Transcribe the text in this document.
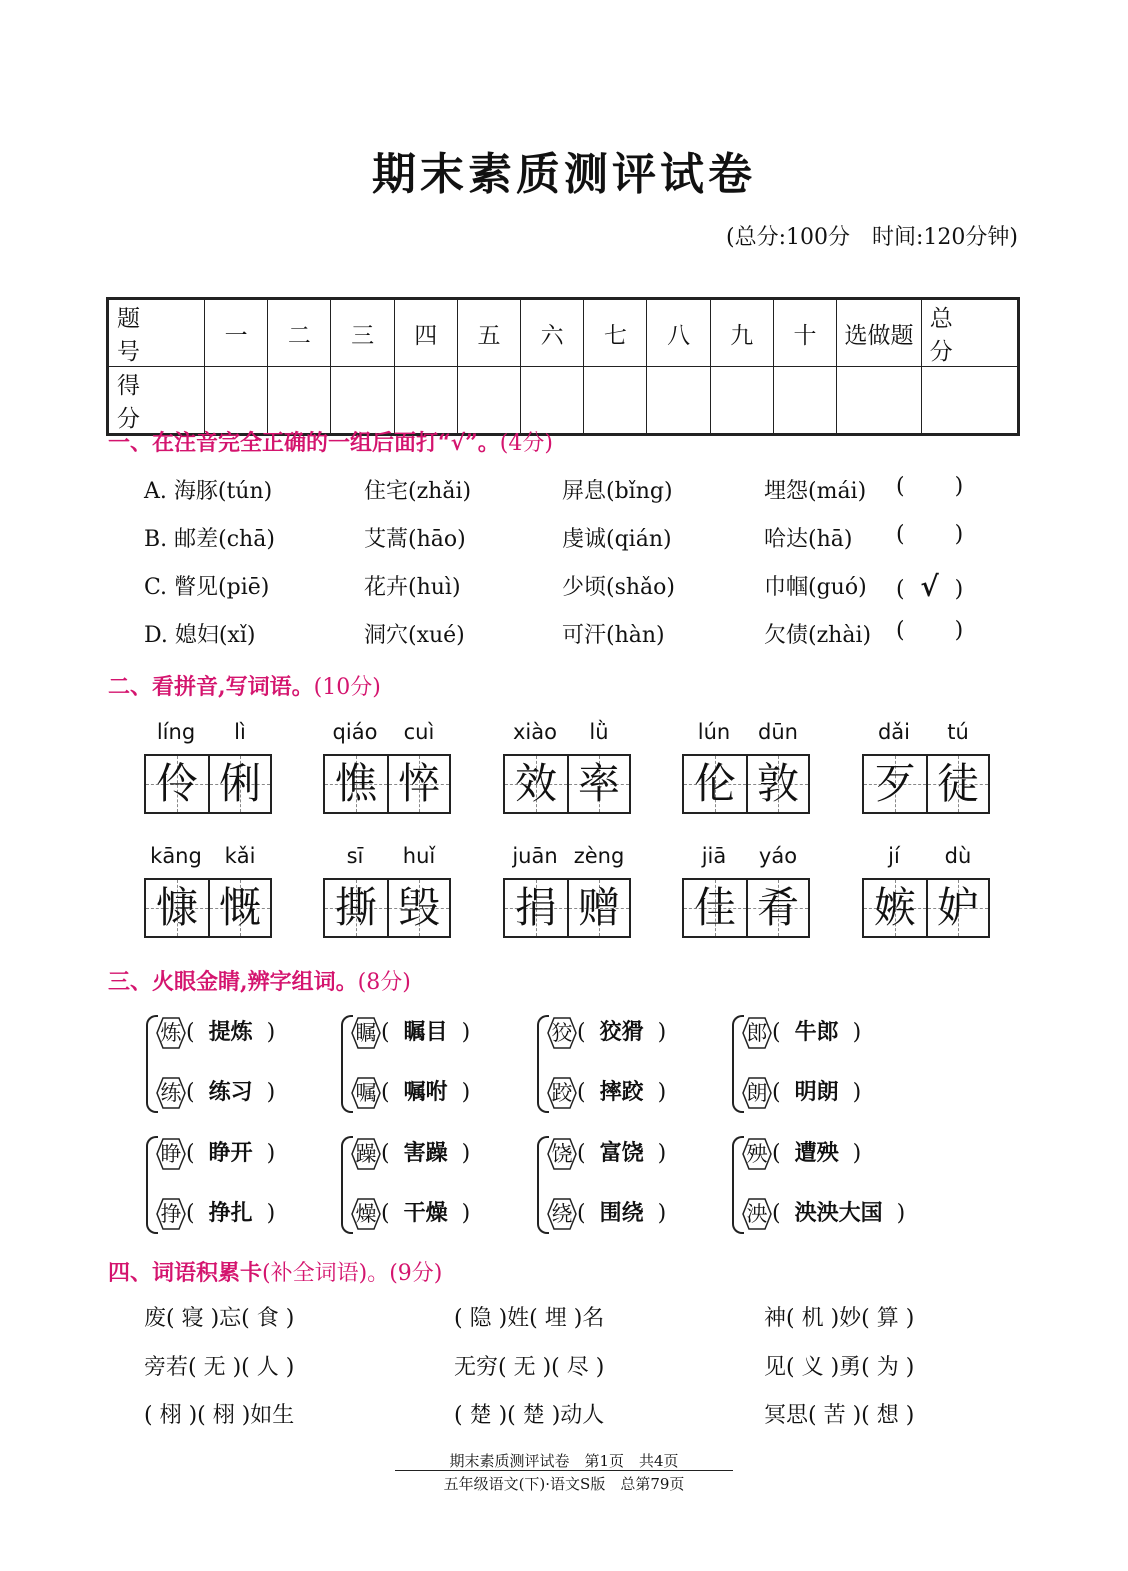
期末素质测评试卷
(总分:100分　时间:120分钟)
题　号	一	二	三	四	五	六	七	八	九	十	选做题	总　分
得　分												
一、在注音完全正确的一组后面打“√”。(4分)
A. 海豚(tún)	住宅(zhǎi)	屏息(bǐng)	埋怨(mái) ( )
B. 邮差(chā)	艾蒿(hāo)	虔诚(qián)	哈达(hā) ( )
C. 瞥见(piē)	花卉(huì)	少顷(shǎo)	巾帼(guó) ( √ )
D. 媳妇(xǐ)	洞穴(xué)	可汗(hàn)	欠债(zhài) ( )
二、看拼音,写词语。(10分)
líng	lì
伶 俐
qiáo	cuì
憔 悴
xiào	lǜ
效 率
lún	dūn
伦 敦
dǎi	tú
歹 徒
kāng	kǎi
慷 慨
sī	huǐ
撕 毁
juān zèng
捐 赠
jiā	yáo
佳 肴
jí	dù
嫉 妒
三、火眼金睛,辨字组词。(8分)
炼 ( 提炼 )
练 ( 练习 )
瞩 ( 瞩目 )
嘱 ( 嘱咐 )
狡 ( 狡猾 )
跤 ( 摔跤 )
郎 ( 牛郎 )
朗 ( 明朗 )
睁 ( 睁开 )
挣 ( 挣扎 )
躁 ( 害躁 )
燥 ( 干燥 )
饶 ( 富饶 )
绕 ( 围绕 )
殃 ( 遭殃 )
泱 ( 泱泱大国 )
四、词语积累卡(补全词语)。(9分)
废( 寝 )忘( 食 )	( 隐 )姓( 埋 )名	神( 机 )妙( 算 )
旁若( 无 )( 人 )	无穷( 无 )( 尽 )	见( 义 )勇( 为 )
( 栩 )( 栩 )如生	( 楚 )( 楚 )动人	冥思( 苦 )( 想 )
期末素质测评试卷　第1页　共4页
五年级语文(下)·语文S版　总第79页
